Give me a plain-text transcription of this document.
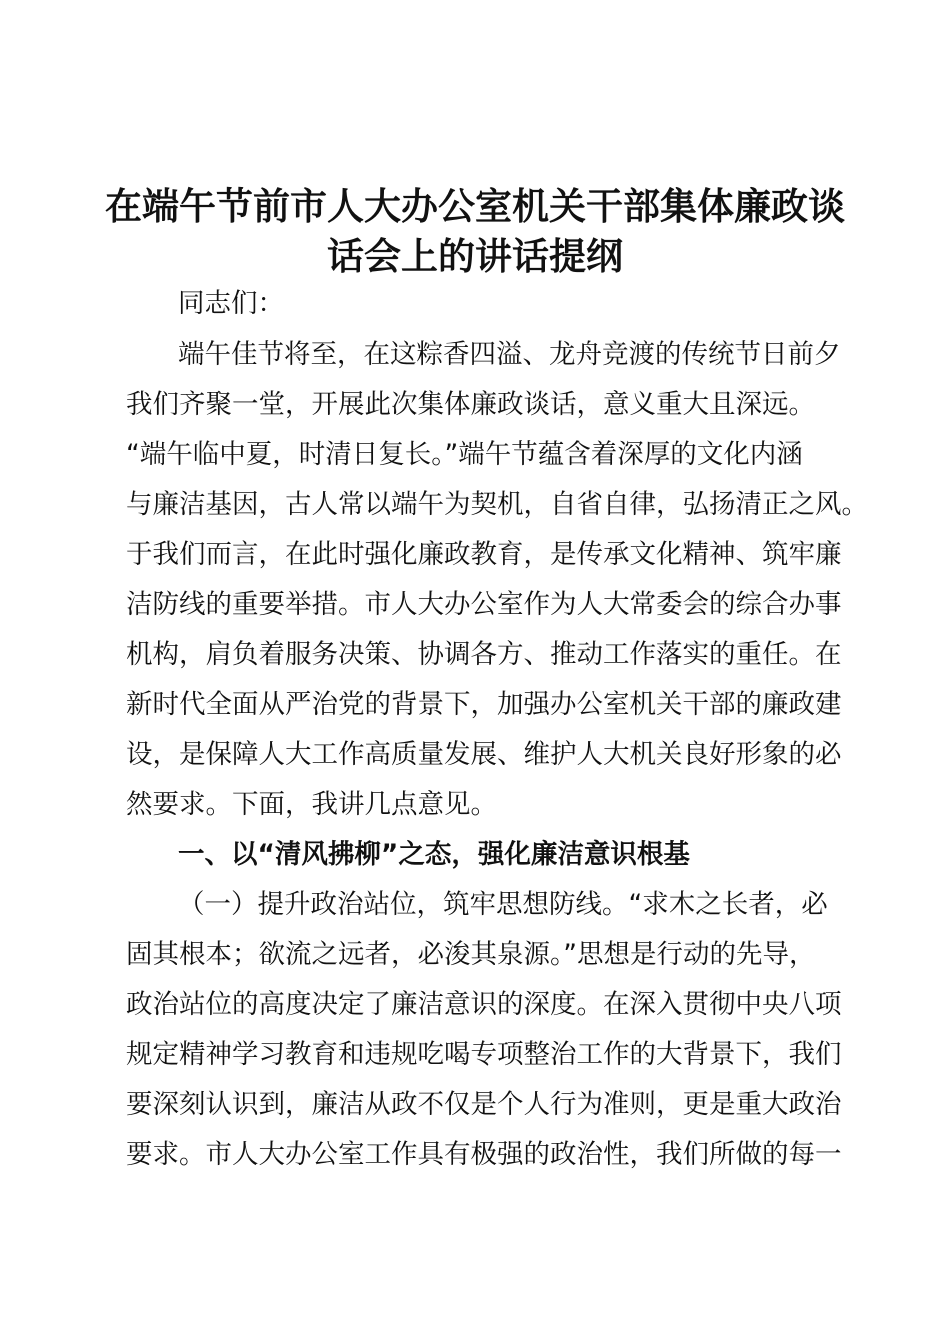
在端午节前市人大办公室机关干部集体廉政谈
话会上的讲话提纲
同志们：
端午佳节将至，在这粽香四溢、龙舟竞渡的传统节日前夕
我们齐聚一堂，开展此次集体廉政谈话，意义重大且深远。
“端午临中夏，时清日复长。”端午节蕴含着深厚的文化内涵
与廉洁基因，古人常以端午为契机，自省自律，弘扬清正之风。
于我们而言，在此时强化廉政教育，是传承文化精神、筑牢廉
洁防线的重要举措。市人大办公室作为人大常委会的综合办事
机构，肩负着服务决策、协调各方、推动工作落实的重任。在
新时代全面从严治党的背景下，加强办公室机关干部的廉政建
设，是保障人大工作高质量发展、维护人大机关良好形象的必
然要求。下面，我讲几点意见。
一、以“清风拂柳”之态，强化廉洁意识根基
（一）提升政治站位，筑牢思想防线。“求木之长者，必
固其根本；欲流之远者，必浚其泉源。”思想是行动的先导，
政治站位的高度决定了廉洁意识的深度。在深入贯彻中央八项
规定精神学习教育和违规吃喝专项整治工作的大背景下，我们
要深刻认识到，廉洁从政不仅是个人行为准则，更是重大政治
要求。市人大办公室工作具有极强的政治性，我们所做的每一
